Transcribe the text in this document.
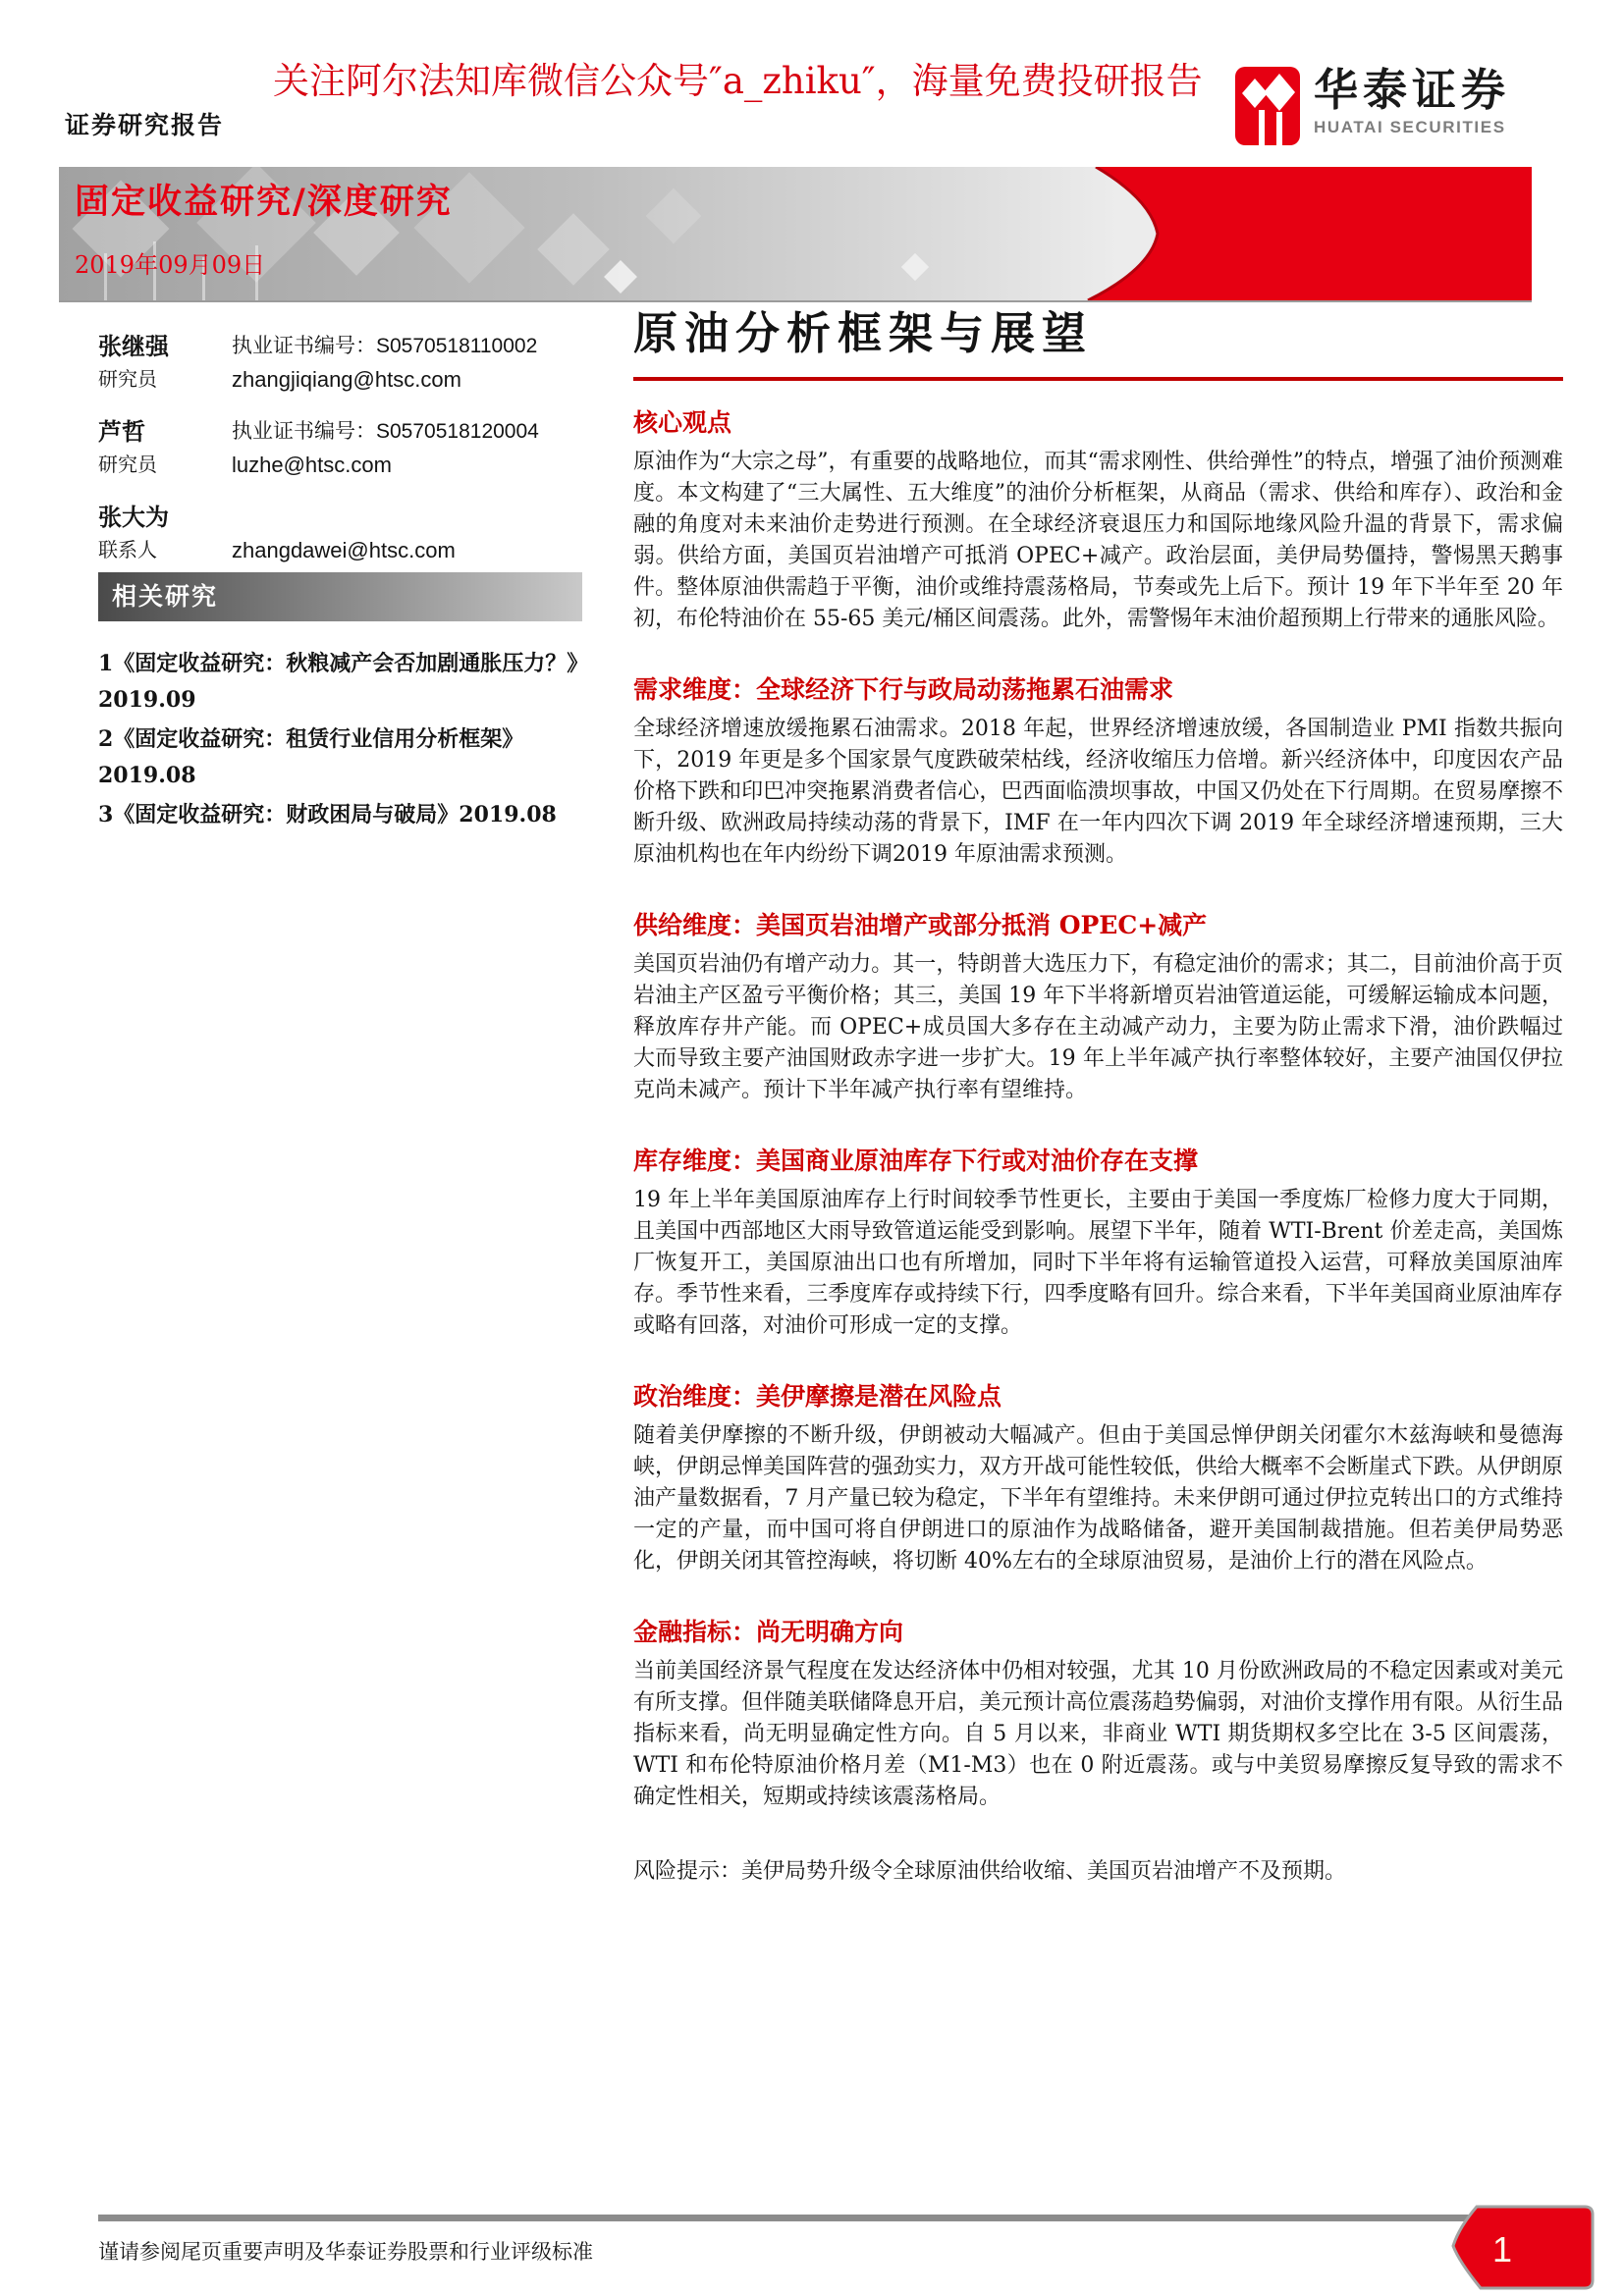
关注阿尔法知库微信公众号″a_zhiku″，海量免费投研报告
证券研究报告
华泰证券
HUATAI SECURITIES
固定收益研究/深度研究
2019年09月09日
张继强	执业证书编号：S0570518110002
研究员	zhangjiqiang@htsc.com
芦哲	执业证书编号：S0570518120004
研究员	luzhe@htsc.com
张大为
联系人	zhangdawei@htsc.com
相关研究

1《固定收益研究：秋粮减产会否加剧通胀压力？》2019.09

2《固定收益研究：租赁行业信用分析框架》2019.08

3《固定收益研究：财政困局与破局》2019.08

原油分析框架与展望
核心观点

原油作为“大宗之母”，有重要的战略地位，而其“需求刚性、供给弹性”的特点，增强了油价预测难度。本文构建了“三大属性、五大维度”的油价分析框架，从商品（需求、供给和库存）、政治和金融的角度对未来油价走势进行预测。在全球经济衰退压力和国际地缘风险升温的背景下，需求偏弱。供给方面，美国页岩油增产可抵消 OPEC+减产。政治层面，美伊局势僵持，警惕黑天鹅事件。整体原油供需趋于平衡，油价或维持震荡格局，节奏或先上后下。预计 19 年下半年至 20 年初，布伦特油价在 55-65 美元/桶区间震荡。此外，需警惕年末油价超预期上行带来的通胀风险。

需求维度：全球经济下行与政局动荡拖累石油需求

全球经济增速放缓拖累石油需求。2018 年起，世界经济增速放缓，各国制造业 PMI 指数共振向下，2019 年更是多个国家景气度跌破荣枯线，经济收缩压力倍增。新兴经济体中，印度因农产品价格下跌和印巴冲突拖累消费者信心，巴西面临溃坝事故，中国又仍处在下行周期。在贸易摩擦不断升级、欧洲政局持续动荡的背景下，IMF 在一年内四次下调 2019 年全球经济增速预期，三大原油机构也在年内纷纷下调2019 年原油需求预测。

供给维度：美国页岩油增产或部分抵消 OPEC+减产

美国页岩油仍有增产动力。其一，特朗普大选压力下，有稳定油价的需求；其二，目前油价高于页岩油主产区盈亏平衡价格；其三，美国 19 年下半将新增页岩油管道运能，可缓解运输成本问题，释放库存井产能。而 OPEC+成员国大多存在主动减产动力，主要为防止需求下滑，油价跌幅过大而导致主要产油国财政赤字进一步扩大。19 年上半年减产执行率整体较好，主要产油国仅伊拉克尚未减产。预计下半年减产执行率有望维持。

库存维度：美国商业原油库存下行或对油价存在支撑

19 年上半年美国原油库存上行时间较季节性更长，主要由于美国一季度炼厂检修力度大于同期，且美国中西部地区大雨导致管道运能受到影响。展望下半年，随着 WTI-Brent 价差走高，美国炼厂恢复开工，美国原油出口也有所增加，同时下半年将有运输管道投入运营，可释放美国原油库存。季节性来看，三季度库存或持续下行，四季度略有回升。综合来看，下半年美国商业原油库存或略有回落，对油价可形成一定的支撑。

政治维度：美伊摩擦是潜在风险点

随着美伊摩擦的不断升级，伊朗被动大幅减产。但由于美国忌惮伊朗关闭霍尔木兹海峡和曼德海峡，伊朗忌惮美国阵营的强劲实力，双方开战可能性较低，供给大概率不会断崖式下跌。从伊朗原油产量数据看，7 月产量已较为稳定，下半年有望维持。未来伊朗可通过伊拉克转出口的方式维持一定的产量，而中国可将自伊朗进口的原油作为战略储备，避开美国制裁措施。但若美伊局势恶化，伊朗关闭其管控海峡，将切断 40%左右的全球原油贸易，是油价上行的潜在风险点。

金融指标：尚无明确方向

当前美国经济景气程度在发达经济体中仍相对较强，尤其 10 月份欧洲政局的不稳定因素或对美元有所支撑。但伴随美联储降息开启，美元预计高位震荡趋势偏弱，对油价支撑作用有限。从衍生品指标来看，尚无明显确定性方向。自 5 月以来，非商业 WTI 期货期权多空比在 3-5 区间震荡，WTI 和布伦特原油价格月差（M1-M3）也在 0 附近震荡。或与中美贸易摩擦反复导致的需求不确定性相关，短期或持续该震荡格局。

风险提示：美伊局势升级令全球原油供给收缩、美国页岩油增产不及预期。

谨请参阅尾页重要声明及华泰证券股票和行业评级标准	1
